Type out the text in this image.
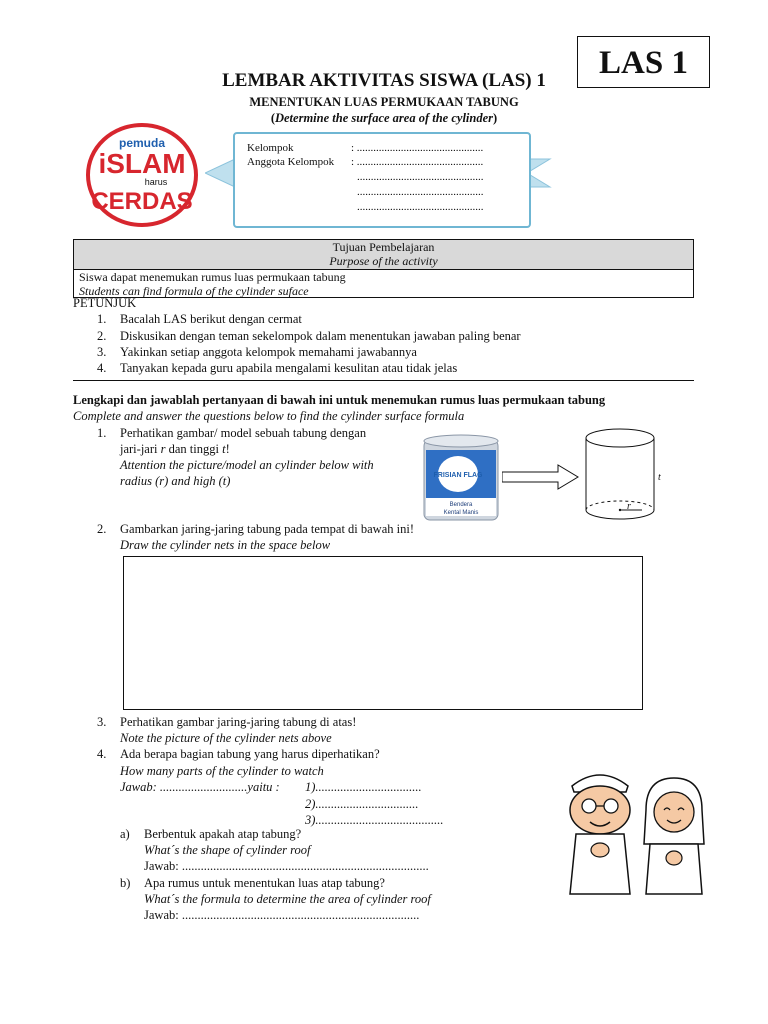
LAS 1
LEMBAR AKTIVITAS SISWA (LAS) 1
MENENTUKAN LUAS PERMUKAAN TABUNG
(Determine the surface area of the cylinder)
pemuda
iSLAM
harus
CERDAS
Kelompok	: ..............................................
Anggota Kelompok : ..............................................
..............................................
..............................................
..............................................
Tujuan Pembelajaran
Purpose of the activity
Siswa dapat menemukan rumus luas permukaan tabung
Students can find formula of the cylinder suface
PETUNJUK
1. Bacalah LAS berikut dengan cermat
2. Diskusikan dengan teman sekelompok dalam menentukan jawaban paling benar
3. Yakinkan setiap anggota kelompok memahami jawabannya
4. Tanyakan kepada guru apabila mengalami kesulitan atau tidak jelas
Lengkapi dan jawablah pertanyaan di bawah ini untuk menemukan rumus luas permukaan tabung
Complete and answer the questions below to find the cylinder surface formula
1. Perhatikan gambar/ model sebuah tabung dengan
jari-jari r dan tinggi t!
Attention the picture/model an cylinder below with
radius (r) and high (t)	FRISIAN FLAG
Bendera
Kental Manis
t
r
2. Gambarkan jaring-jaring tabung pada tempat di bawah ini!
Draw the cylinder nets in the space below
3. Perhatikan gambar jaring-jaring tabung di atas!
Note the picture of the cylinder nets above
4. Ada berapa bagian tabung yang harus diperhatikan?
How many parts of the cylinder to watch
Jawab: ............................yaitu : 1)..................................
2).................................
3).........................................
a) Berbentuk apakah atap tabung?
What´s the shape of cylinder roof
Jawab: ...............................................................................
b) Apa rumus untuk menentukan luas atap tabung?
What´s the formula to determine the area of cylinder roof
Jawab: ............................................................................
